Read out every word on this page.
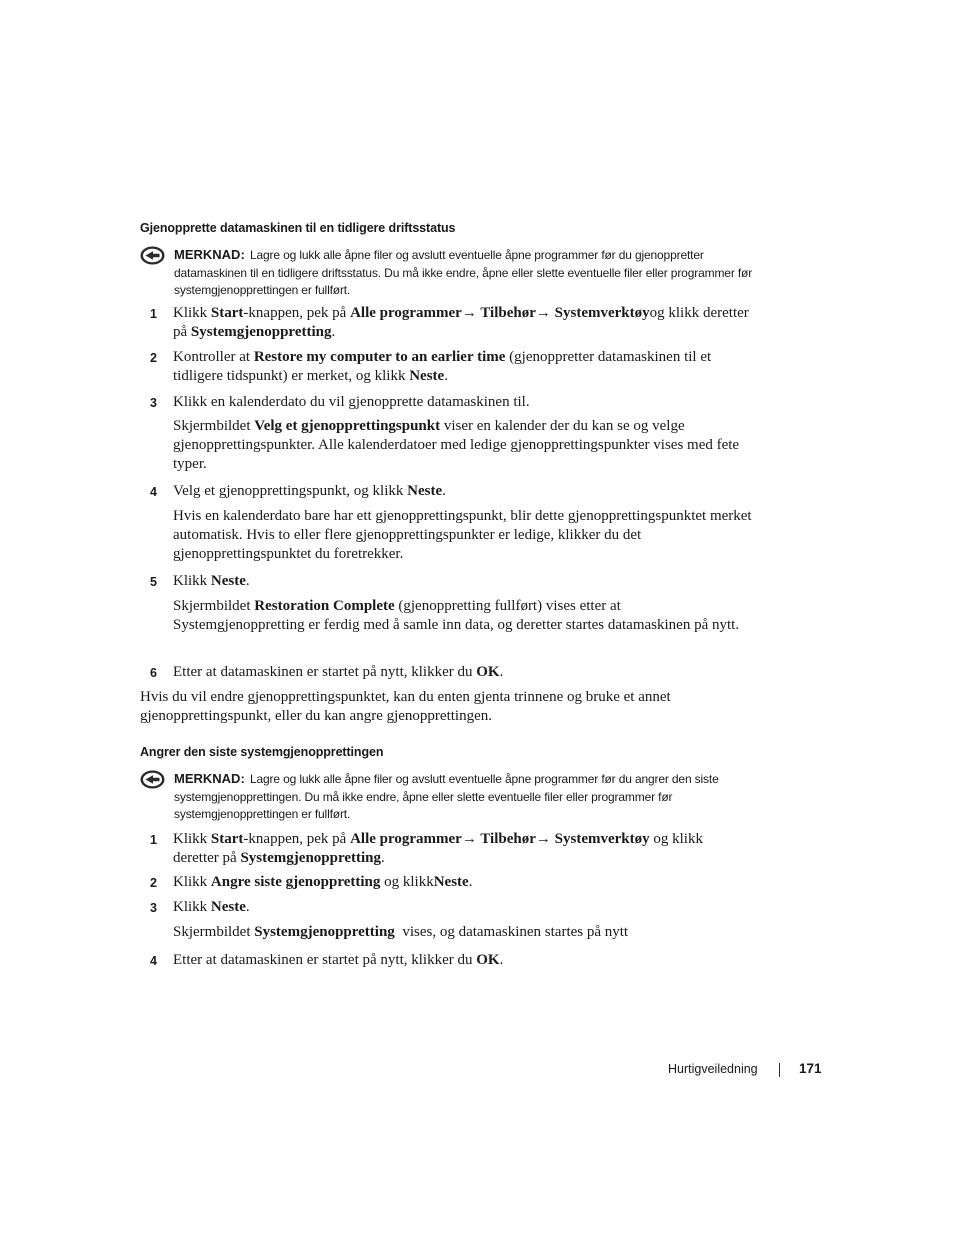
Gjenopprette datamaskinen til en tidligere driftsstatus
MERKNAD: Lagre og lukk alle åpne filer og avslutt eventuelle åpne programmer før du gjenoppretter datamaskinen til en tidligere driftsstatus. Du må ikke endre, åpne eller slette eventuelle filer eller programmer før systemgjenopprettingen er fullført.
1 Klikk Start-knappen, pek på Alle programmer→ Tilbehør→ Systemverktøyog klikk deretter på Systemgjenoppretting.
2 Kontroller at Restore my computer to an earlier time (gjenoppretter datamaskinen til et tidligere tidspunkt) er merket, og klikk Neste.
3 Klikk en kalenderdato du vil gjenopprette datamaskinen til.
Skjermbildet Velg et gjenopprettingspunkt viser en kalender der du kan se og velge gjenopprettingspunkter. Alle kalenderdatoer med ledige gjenopprettingspunkter vises med fete typer.
4 Velg et gjenopprettingspunkt, og klikk Neste.
Hvis en kalenderdato bare har ett gjenopprettingspunkt, blir dette gjenopprettingspunktet merket automatisk. Hvis to eller flere gjenopprettingspunkter er ledige, klikker du det gjenopprettingspunktet du foretrekker.
5 Klikk Neste.
Skjermbildet Restoration Complete (gjenoppretting fullført) vises etter at Systemgjenoppretting er ferdig med å samle inn data, og deretter startes datamaskinen på nytt.
6 Etter at datamaskinen er startet på nytt, klikker du OK.
Hvis du vil endre gjenopprettingspunktet, kan du enten gjenta trinnene og bruke et annet gjenopprettingspunkt, eller du kan angre gjenopprettingen.
Angrer den siste systemgjenopprettingen
MERKNAD: Lagre og lukk alle åpne filer og avslutt eventuelle åpne programmer før du angrer den siste systemgjenopprettingen. Du må ikke endre, åpne eller slette eventuelle filer eller programmer før systemgjenopprettingen er fullført.
1 Klikk Start-knappen, pek på Alle programmer→ Tilbehør→ Systemverktøy og klikk deretter på Systemgjenoppretting.
2 Klikk Angre siste gjenoppretting og klikkNeste.
3 Klikk Neste.
Skjermbildet Systemgjenoppretting  vises, og datamaskinen startes på nytt
4 Etter at datamaskinen er startet på nytt, klikker du OK.
Hurtigveiledning	171
